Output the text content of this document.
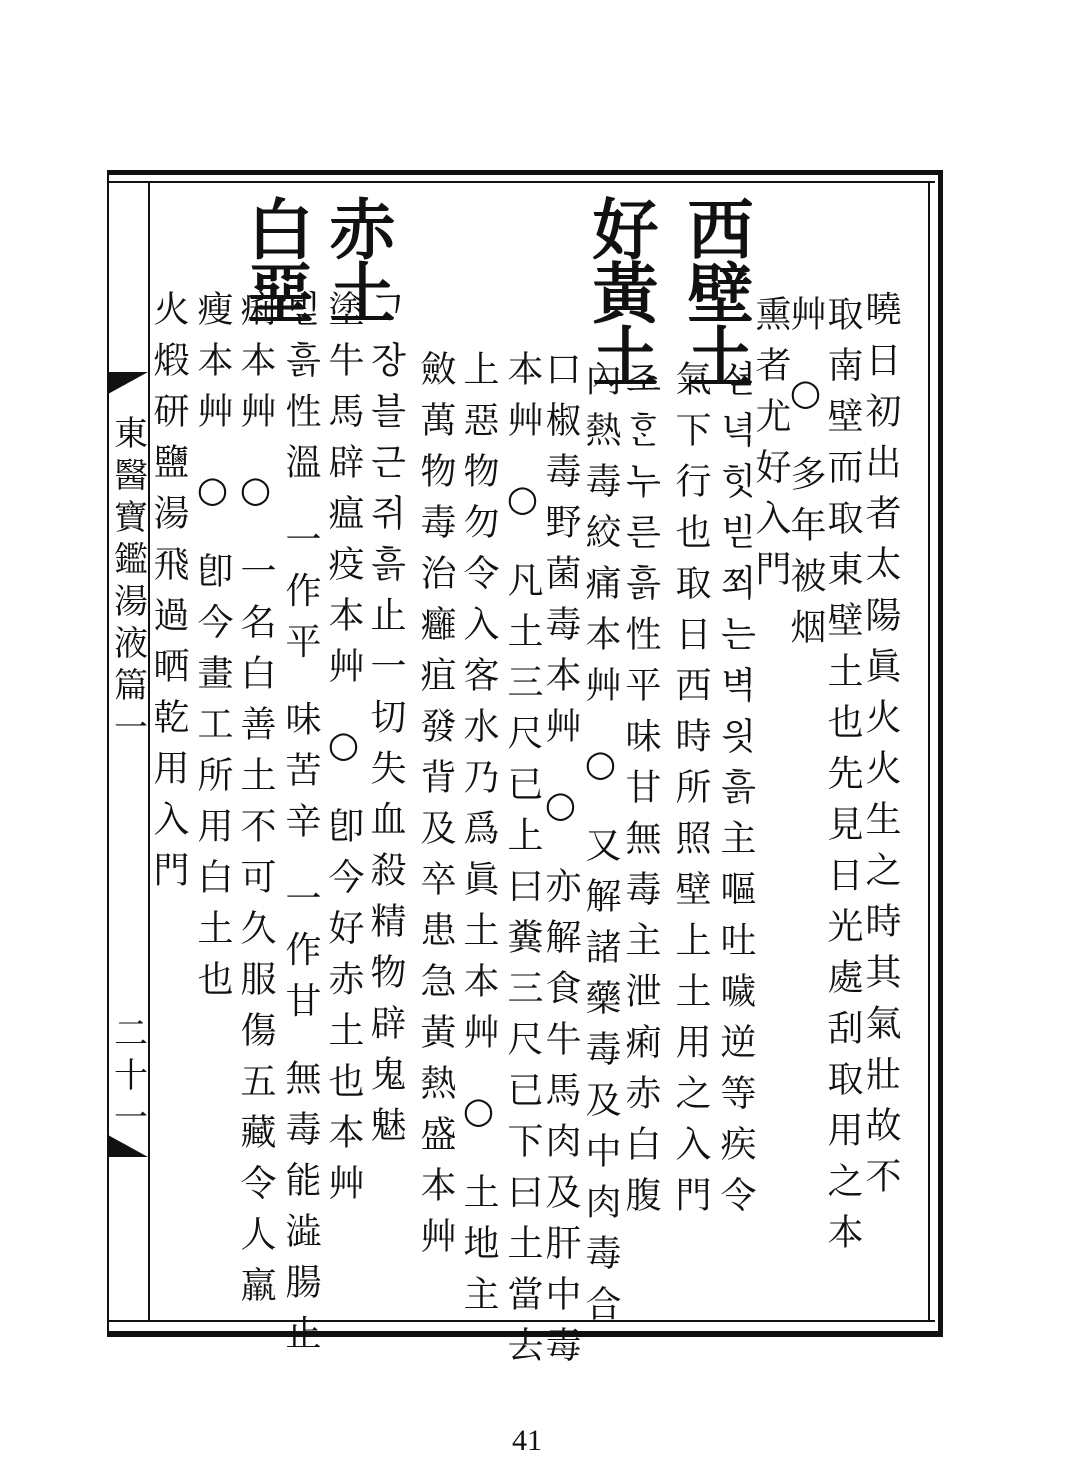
東醫寶鑑湯液篇一
二十一	曉日初出者太陽眞火火生之時其氣壯故不
取南壁而取東壁土也先見日光處刮取用之本
艸 ○ 多年被烟
熏者尤好入門
西壁土
셛녁힛빋쬐는벽읫흙主嘔吐噦逆等疾令
氣下行也取日西時所照壁上土用之入門
好黃土
조ᄒᆞᆫ누른흙性平味甘無毒主泄痢赤白腹
內熱毒絞痛本艸 ○ 又解諸藥毒及中肉毒合
口椒毒野菌毒本艸 ○ 亦解食牛馬肉及肝中毒
本艸 ○ 凡土三尺已上曰糞三尺已下曰土當去
上惡物勿令入客水乃爲眞土本艸 ○ 土地主
斂萬物毒治癰疽發背及卒患急黃熱盛本艸
赤土
ᄀᆞ장블근쥐흙止一切失血殺精物辟鬼魅
塗牛馬辟瘟疫本艸 ○ 卽今好赤土也本艸
白堊
빋흙性溫 一作平 味苦辛 一作甘 無毒能澁腸止
痢本艸 ○ 一名白善土不可久服傷五藏令人羸
瘦本艸 ○ 卽今畫工所用白土也
火煅研鹽湯飛過晒乾用入門
41
